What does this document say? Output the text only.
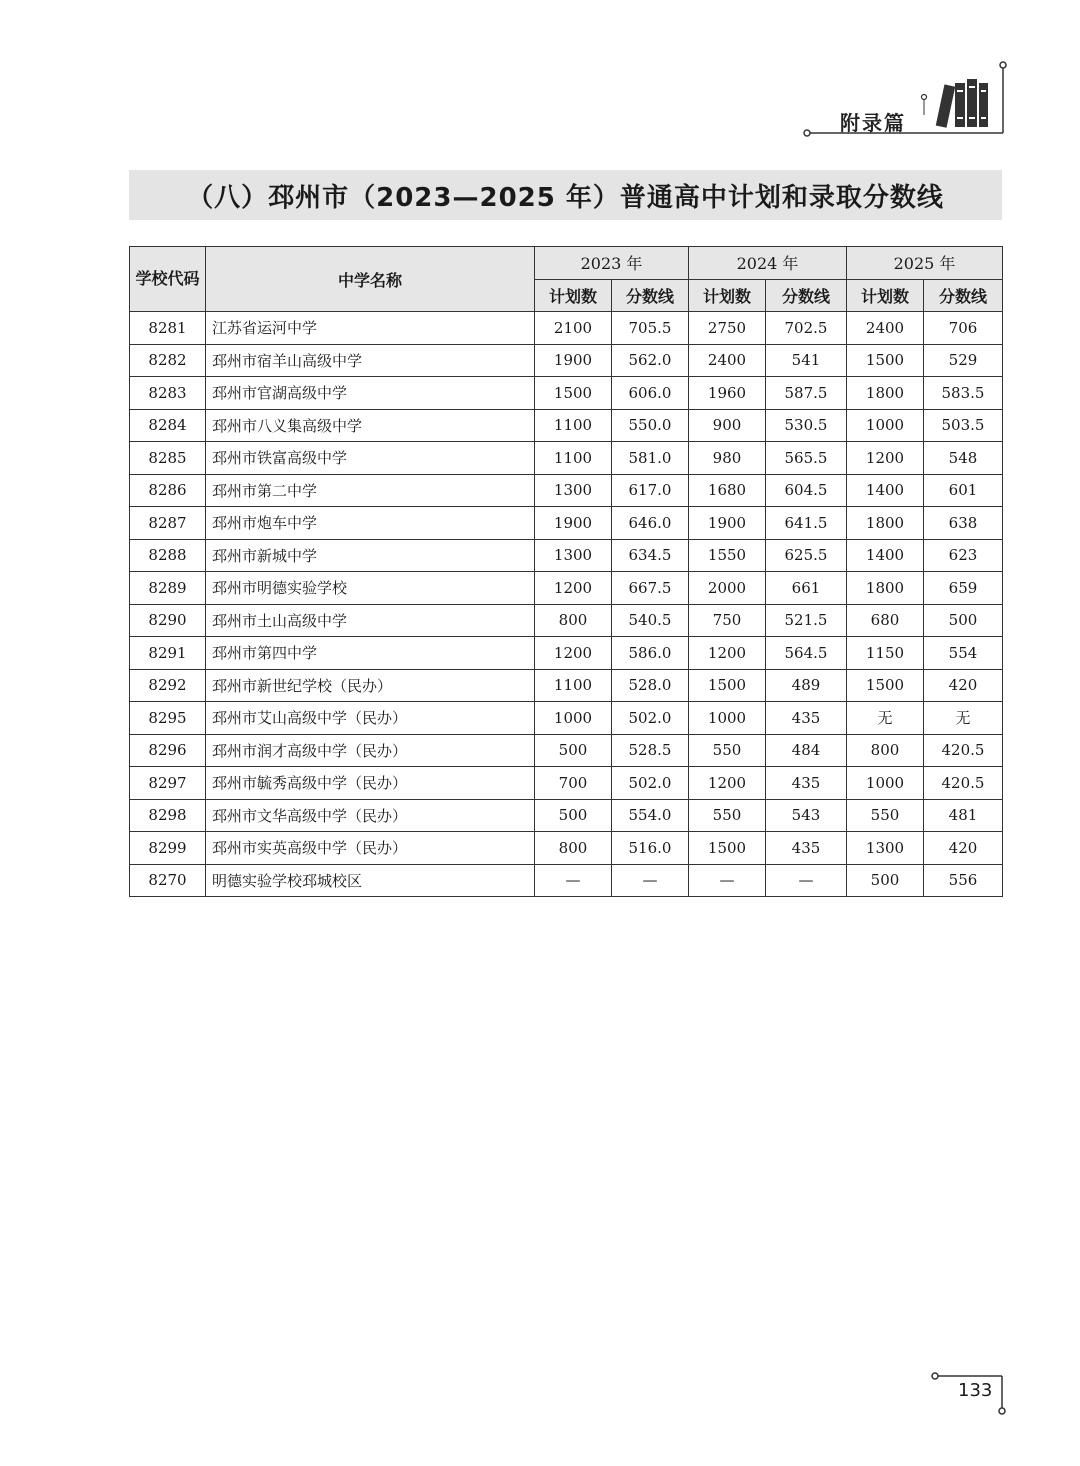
附录篇
（八）邳州市（2023—2025 年）普通高中计划和录取分数线
学校代码	中学名称	2023 年		2024 年		2025 年	
		计划数	分数线	计划数	分数线	计划数	分数线
8281	江苏省运河中学	2100	705.5	2750	702.5	2400	706
8282	邳州市宿羊山高级中学	1900	562.0	2400	541	1500	529
8283	邳州市官湖高级中学	1500	606.0	1960	587.5	1800	583.5
8284	邳州市八义集高级中学	1100	550.0	900	530.5	1000	503.5
8285	邳州市铁富高级中学	1100	581.0	980	565.5	1200	548
8286	邳州市第二中学	1300	617.0	1680	604.5	1400	601
8287	邳州市炮车中学	1900	646.0	1900	641.5	1800	638
8288	邳州市新城中学	1300	634.5	1550	625.5	1400	623
8289	邳州市明德实验学校	1200	667.5	2000	661	1800	659
8290	邳州市土山高级中学	800	540.5	750	521.5	680	500
8291	邳州市第四中学	1200	586.0	1200	564.5	1150	554
8292	邳州市新世纪学校（民办）	1100	528.0	1500	489	1500	420
8295	邳州市艾山高级中学（民办）	1000	502.0	1000	435	无	无
8296	邳州市润才高级中学（民办）	500	528.5	550	484	800	420.5
8297	邳州市毓秀高级中学（民办）	700	502.0	1200	435	1000	420.5
8298	邳州市文华高级中学（民办）	500	554.0	550	543	550	481
8299	邳州市实英高级中学（民办）	800	516.0	1500	435	1300	420
8270	明德实验学校邳城校区	—	—	—	—	500	556
133
